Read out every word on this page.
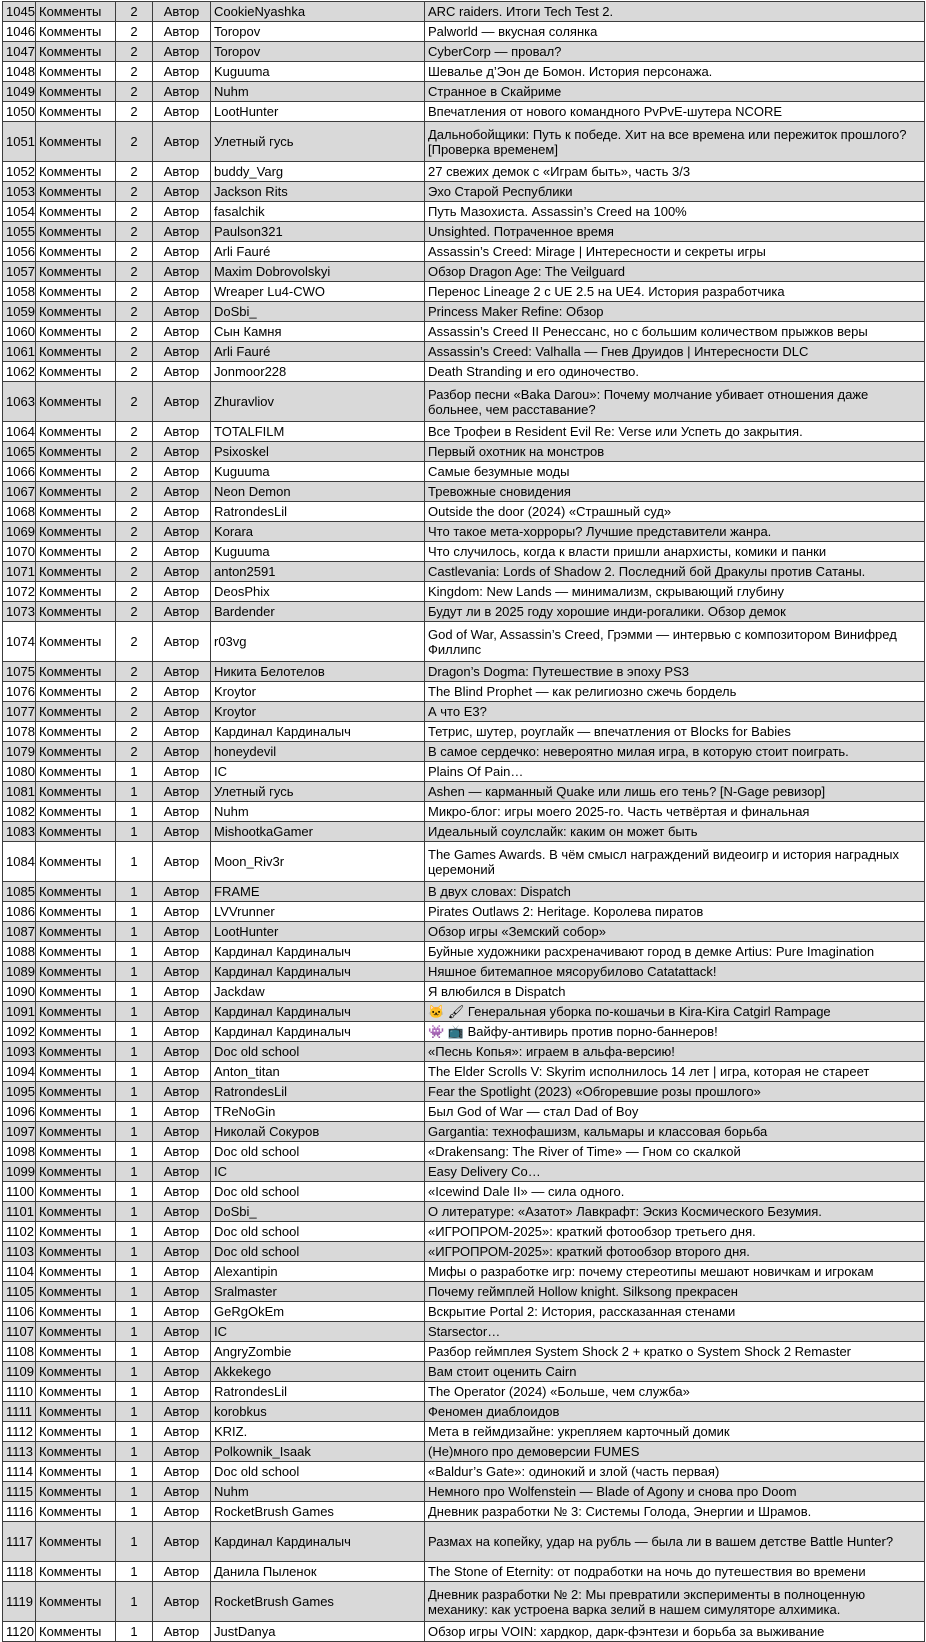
1045	Комменты	2	Автор	CookieNyashka	ARC raiders. Итоги Tech Test 2.
1046	Комменты	2	Автор	Toropov	Palworld — вкусная солянка
1047	Комменты	2	Автор	Toropov	CyberCorp — провал?
1048	Комменты	2	Автор	Kuguuma	Шевалье д’Эон де Бомон. История персонажа.
1049	Комменты	2	Автор	Nuhm	Странное в Скайриме
1050	Комменты	2	Автор	LootHunter	Впечатления от нового командного PvPvE-шутера NCORE
1051	Комменты	2	Автор	Улетный гусь	Дальнобойщики: Путь к победе. Хит на все времена или пережиток прошлого? [Проверка временем]
1052	Комменты	2	Автор	buddy_Varg	27 свежих демок с «Играм быть», часть 3/3
1053	Комменты	2	Автор	Jackson Rits	Эхо Старой Республики
1054	Комменты	2	Автор	fasalchik	Путь Мазохиста. Assassin’s Creed на 100%
1055	Комменты	2	Автор	Paulson321	Unsighted. Потраченное время
1056	Комменты	2	Автор	Arli Fauré	Assassin’s Creed: Mirage | Интересности и секреты игры
1057	Комменты	2	Автор	Maxim Dobrovolskyi	Обзор Dragon Age: The Veilguard
1058	Комменты	2	Автор	Wreaper Lu4-CWO	Перенос Lineage 2 с UE 2.5 на UE4. История разработчика
1059	Комменты	2	Автор	DoSbi_	Princess Maker Refine: Обзор
1060	Комменты	2	Автор	Сын Камня	Assassin’s Creed II Ренессанс, но с большим количеством прыжков веры
1061	Комменты	2	Автор	Arli Fauré	Assassin’s Creed: Valhalla — Гнев Друидов | Интересности DLC
1062	Комменты	2	Автор	Jonmoor228	Death Stranding и его одиночество.
1063	Комменты	2	Автор	Zhuravliov	Разбор песни «Baka Darou»: Почему молчание убивает отношения даже больнее, чем расставание?
1064	Комменты	2	Автор	TOTALFILM	Все Трофеи в Resident Evil Re: Verse или Успеть до закрытия.
1065	Комменты	2	Автор	Psixoskel	Первый охотник на монстров
1066	Комменты	2	Автор	Kuguuma	Самые безумные моды
1067	Комменты	2	Автор	Neon Demon	Тревожные сновидения
1068	Комменты	2	Автор	RatrondesLil	Outside the door (2024) «Страшный суд»
1069	Комменты	2	Автор	Korara	Что такое мета-хорроры? Лучшие представители жанра.
1070	Комменты	2	Автор	Kuguuma	Что случилось, когда к власти пришли анархисты, комики и панки
1071	Комменты	2	Автор	anton2591	Castlevania: Lords of Shadow 2. Последний бой Дракулы против Сатаны.
1072	Комменты	2	Автор	DeosPhix	Kingdom: New Lands — минимализм, скрывающий глубину
1073	Комменты	2	Автор	Bardender	Будут ли в 2025 году хорошие инди-рогалики. Обзор демок
1074	Комменты	2	Автор	r03vg	God of War, Assassin’s Creed, Грэмми — интервью с композитором Винифред Филлипс
1075	Комменты	2	Автор	Никита Белотелов	Dragon’s Dogma: Путешествие в эпоху PS3
1076	Комменты	2	Автор	Kroytor	The Blind Prophet — как религиозно сжечь бордель
1077	Комменты	2	Автор	Kroytor	А что E3?
1078	Комменты	2	Автор	Кардинал Кардиналыч	Тетрис, шутер, роуглайк — впечатления от Blocks for Babies
1079	Комменты	2	Автор	honeydevil	В самое сердечко: невероятно милая игра, в которую стоит поиграть.
1080	Комменты	1	Автор	IC	Plains Of Pain…
1081	Комменты	1	Автор	Улетный гусь	Ashen — карманный Quake или лишь его тень? [N-Gage ревизор]
1082	Комменты	1	Автор	Nuhm	Микро-блог: игры моего 2025-го. Часть четвёртая и финальная
1083	Комменты	1	Автор	MishootkaGamer	Идеальный соулслайк: каким он может быть
1084	Комменты	1	Автор	Moon_Riv3r	The Games Awards. В чём смысл награждений видеоигр и история наградных церемоний
1085	Комменты	1	Автор	FRAME	В двух словах: Dispatch
1086	Комменты	1	Автор	LVVrunner	Pirates Outlaws 2: Heritage. Королева пиратов
1087	Комменты	1	Автор	LootHunter	Обзор игры «Земский собор»
1088	Комменты	1	Автор	Кардинал Кардиналыч	Буйные художники расхреначивают город в демке Artius: Pure Imagination
1089	Комменты	1	Автор	Кардинал Кардиналыч	Няшное битемапное мясорубилово Catatattack!
1090	Комменты	1	Автор	Jackdaw	Я влюбился в Dispatch
1091	Комменты	1	Автор	Кардинал Кардиналыч	🐱 🖌 Генеральная уборка по-кошачьи в Kira-Kira Catgirl Rampage
1092	Комменты	1	Автор	Кардинал Кардиналыч	👾 📺 Вайфу-антивирь против порно-баннеров!
1093	Комменты	1	Автор	Doc old school	«Песнь Копья»: играем в альфа-версию!
1094	Комменты	1	Автор	Anton_titan	The Elder Scrolls V: Skyrim исполнилось 14 лет | игра, которая не стареет
1095	Комменты	1	Автор	RatrondesLil	Fear the Spotlight (2023) «Обгоревшие розы прошлого»
1096	Комменты	1	Автор	TReNoGin	Был God of War — стал Dad of Boy
1097	Комменты	1	Автор	Николай Сокуров	Gargantia: технофашизм, кальмары и классовая борьба
1098	Комменты	1	Автор	Doc old school	«Drakensang: The River of Time» — Гном со скалкой
1099	Комменты	1	Автор	IC	Easy Delivery Co…
1100	Комменты	1	Автор	Doc old school	«Icewind Dale II» — сила одного.
1101	Комменты	1	Автор	DoSbi_	О литературе: «Азатот» Лавкрафт: Эскиз Космического Безумия.
1102	Комменты	1	Автор	Doc old school	«ИГРОПРОМ-2025»: краткий фотообзор третьего дня.
1103	Комменты	1	Автор	Doc old school	«ИГРОПРОМ-2025»: краткий фотообзор второго дня.
1104	Комменты	1	Автор	Alexantipin	Мифы о разработке игр: почему стереотипы мешают новичкам и игрокам
1105	Комменты	1	Автор	Sralmaster	Почему геймплей Hollow knight. Silksong прекрасен
1106	Комменты	1	Автор	GeRgOkEm	Вскрытие Portal 2: История, рассказанная стенами
1107	Комменты	1	Автор	IC	Starsector…
1108	Комменты	1	Автор	AngryZombie	Разбор геймплея System Shock 2 + кратко о System Shock 2 Remaster
1109	Комменты	1	Автор	Akkekego	Вам стоит оценить Cairn
1110	Комменты	1	Автор	RatrondesLil	The Operator (2024) «Больше, чем служба»
1111	Комменты	1	Автор	korobkus	Феномен диаблоидов
1112	Комменты	1	Автор	KRIZ.	Мета в геймдизайне: укрепляем карточный домик
1113	Комменты	1	Автор	Polkownik_Isaak	(Не)много про демоверсии FUMES
1114	Комменты	1	Автор	Doc old school	«Baldur’s Gate»: одинокий и злой (часть первая)
1115	Комменты	1	Автор	Nuhm	Немного про Wolfenstein — Blade of Agony и снова про Doom
1116	Комменты	1	Автор	RocketBrush Games	Дневник разработки № 3: Системы Голода, Энергии и Шрамов.
1117	Комменты	1	Автор	Кардинал Кардиналыч	Размах на копейку, удар на рубль — была ли в вашем детстве Battle Hunter?
1118	Комменты	1	Автор	Данила Пыленок	The Stone of Eternity: от подработки на ночь до путешествия во времени
1119	Комменты	1	Автор	RocketBrush Games	Дневник разработки № 2: Мы превратили эксперименты в полноценную механику: как устроена варка зелий в нашем симуляторе алхимика.
1120	Комменты	1	Автор	JustDanya	Обзор игры VOIN: хардкор, дарк-фэнтези и борьба за выживание
